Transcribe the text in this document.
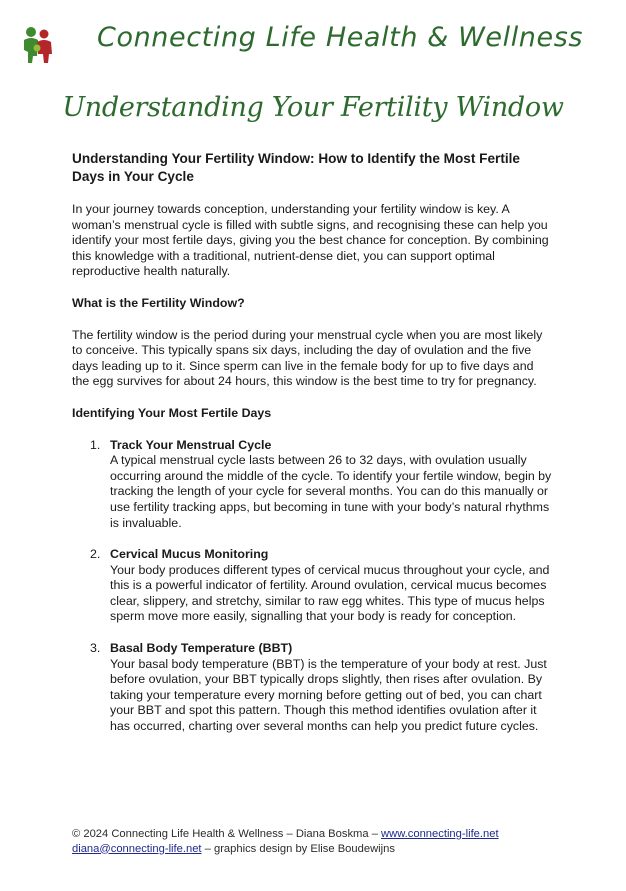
Connecting Life Health & Wellness
Understanding Your Fertility Window
Understanding Your Fertility Window: How to Identify the Most Fertile Days in Your Cycle

In your journey towards conception, understanding your fertility window is key. A woman’s menstrual cycle is filled with subtle signs, and recognising these can help you identify your most fertile days, giving you the best chance for conception. By combining this knowledge with a traditional, nutrient-dense diet, you can support optimal reproductive health naturally.

What is the Fertility Window?

The fertility window is the period during your menstrual cycle when you are most likely to conceive. This typically spans six days, including the day of ovulation and the five days leading up to it. Since sperm can live in the female body for up to five days and the egg survives for about 24 hours, this window is the best time to try for pregnancy.

Identifying Your Most Fertile Days
1. Track Your Menstrual Cycle
A typical menstrual cycle lasts between 26 to 32 days, with ovulation usually occurring around the middle of the cycle. To identify your fertile window, begin by tracking the length of your cycle for several months. You can do this manually or use fertility tracking apps, but becoming in tune with your body’s natural rhythms is invaluable.
2. Cervical Mucus Monitoring
Your body produces different types of cervical mucus throughout your cycle, and this is a powerful indicator of fertility. Around ovulation, cervical mucus becomes clear, slippery, and stretchy, similar to raw egg whites. This type of mucus helps sperm move more easily, signalling that your body is ready for conception.
3. Basal Body Temperature (BBT)
Your basal body temperature (BBT) is the temperature of your body at rest. Just before ovulation, your BBT typically drops slightly, then rises after ovulation. By taking your temperature every morning before getting out of bed, you can chart your BBT and spot this pattern. Though this method identifies ovulation after it has occurred, charting over several months can help you predict future cycles.
© 2024 Connecting Life Health & Wellness – Diana Boskma – www.connecting-life.net
diana@connecting-life.net – graphics design by Elise Boudewijns
